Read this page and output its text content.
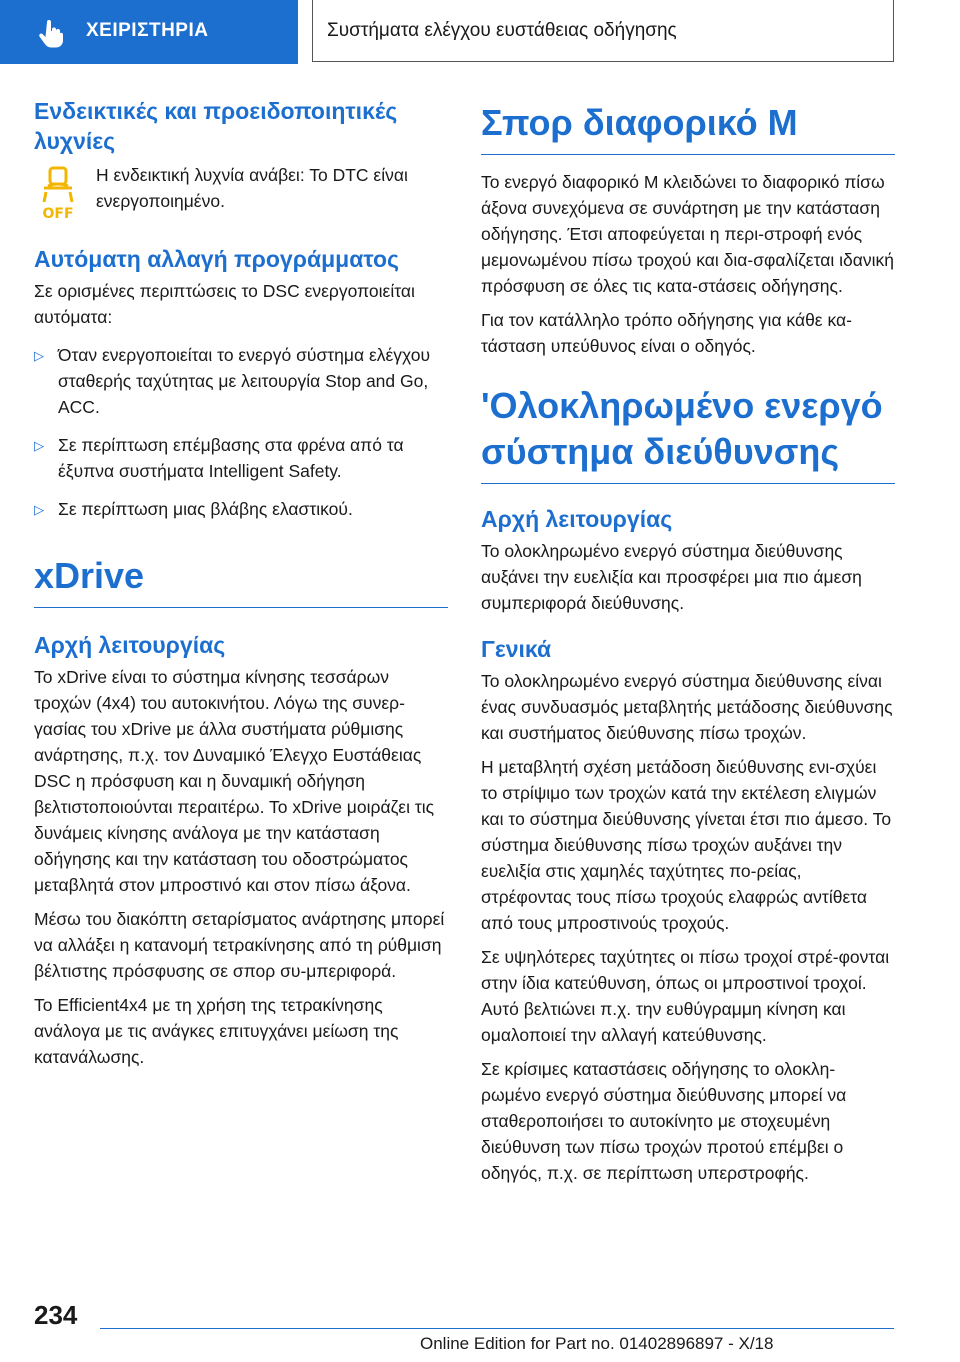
ΧΕΙΡΙΣΤΗΡΙΑ	Συστήματα ελέγχου ευστάθειας οδήγησης
Ενδεικτικές και προειδοποιητικές λυχνίες
OFF

Η ενδεικτική λυχνία ανάβει: Το DTC είναι ενεργοποιημένο.

Αυτόματη αλλαγή προγράμματος

Σε ορισμένες περιπτώσεις το DSC ενεργοποιείται αυτόματα:

▷ Όταν ενεργοποιείται το ενεργό σύστημα ελέγχου σταθερής ταχύτητας με λειτουργία Stop and Go, ACC.
▷ Σε περίπτωση επέμβασης στα φρένα από τα έξυπνα συστήματα Intelligent Safety.
▷ Σε περίπτωση μιας βλάβης ελαστικού.
xDrive
Αρχή λειτουργίας

Το xDrive είναι το σύστημα κίνησης τεσσάρων τροχών (4x4) του αυτοκινήτου. Λόγω της συνερ‐γασίας του xDrive με άλλα συστήματα ρύθμισης ανάρτησης, π.χ. τον Δυναμικό Έλεγχο Ευστάθειας DSC η πρόσφυση και η δυναμική οδήγηση βελτιστοποιούνται περαιτέρω. Το xDrive μοιράζει τις δυνάμεις κίνησης ανάλογα με την κατάσταση οδήγησης και την κατάσταση του οδοστρώματος μεταβλητά στον μπροστινό και στον πίσω άξονα.

Μέσω του διακόπτη σεταρίσματος ανάρτησης μπορεί να αλλάξει η κατανομή τετρακίνησης από τη ρύθμιση βέλτιστης πρόσφυσης σε σπορ συ‐μπεριφορά.

Το Efficient4x4 με τη χρήση της τετρακίνησης ανάλογα με τις ανάγκες επιτυγχάνει μείωση της κατανάλωσης.

Σπορ διαφορικό M

Το ενεργό διαφορικό M κλειδώνει το διαφορικό πίσω άξονα συνεχόμενα σε συνάρτηση με την κατάσταση οδήγησης. Έτσι αποφεύγεται η περι‐στροφή ενός μεμονωμένου πίσω τροχού και δια‐σφαλίζεται ιδανική πρόσφυση σε όλες τις κατα‐στάσεις οδήγησης.

Για τον κατάλληλο τρόπο οδήγησης για κάθε κα‐τάσταση υπεύθυνος είναι ο οδηγός.

'Ολοκληρωμένο ενεργό σύστημα διεύθυνσης
Αρχή λειτουργίας

Το ολοκληρωμένο ενεργό σύστημα διεύθυνσης αυξάνει την ευελιξία και προσφέρει μια πιο άμεση συμπεριφορά διεύθυνσης.

Γενικά

Το ολοκληρωμένο ενεργό σύστημα διεύθυνσης είναι ένας συνδυασμός μεταβλητής μετάδοσης διεύθυνσης και συστήματος διεύθυνσης πίσω τροχών.

Η μεταβλητή σχέση μετάδοση διεύθυνσης ενι‐σχύει το στρίψιμο των τροχών κατά την εκτέλεση ελιγμών και το σύστημα διεύθυνσης γίνεται έτσι πιο άμεσο. Το σύστημα διεύθυνσης πίσω τροχών αυξάνει την ευελιξία στις χαμηλές ταχύτητες πο‐ρείας, στρέφοντας τους πίσω τροχούς ελαφρώς αντίθετα από τους μπροστινούς τροχούς.

Σε υψηλότερες ταχύτητες οι πίσω τροχοί στρέ‐φονται στην ίδια κατεύθυνση, όπως οι μπροστινοί τροχοί. Αυτό βελτιώνει π.χ. την ευθύγραμμη κίνηση και ομαλοποιεί την αλλαγή κατεύθυνσης.

Σε κρίσιμες καταστάσεις οδήγησης το ολοκλη‐ρωμένο ενεργό σύστημα διεύθυνσης μπορεί να σταθεροποιήσει το αυτοκίνητο με στοχευμένη διεύθυνση των πίσω τροχών προτού επέμβει ο οδηγός, π.χ. σε περίπτωση υπερστροφής.

234
Online Edition for Part no. 01402896897 - X/18
